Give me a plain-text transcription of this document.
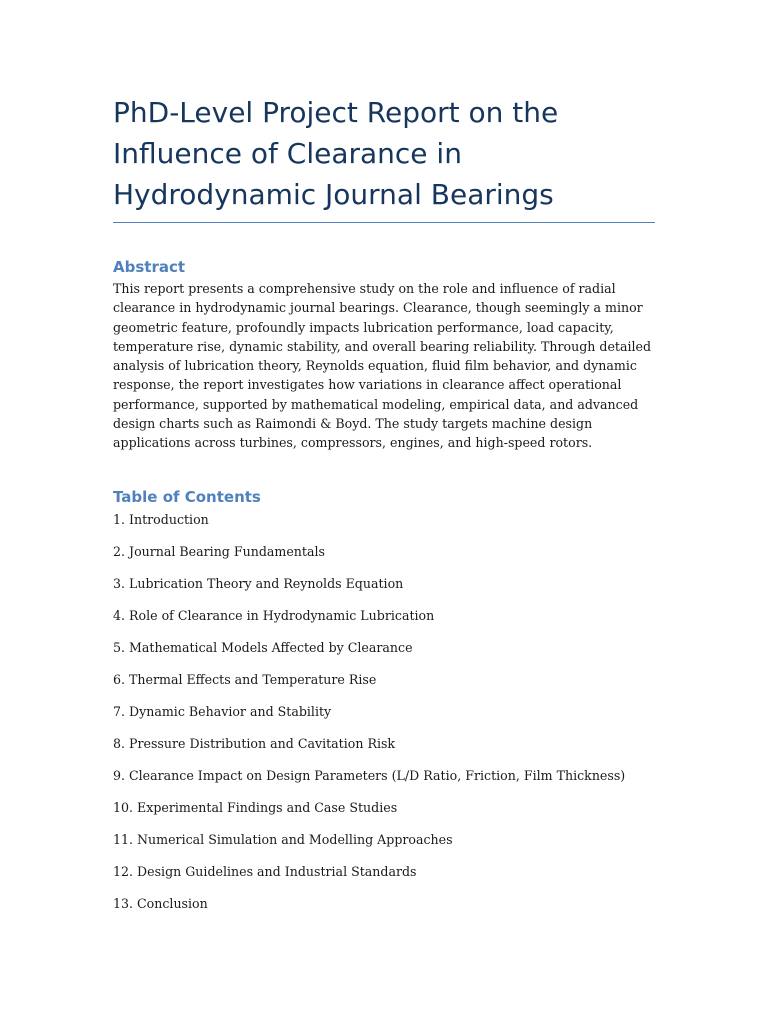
PhD-Level Project Report on the Influence of Clearance in Hydrodynamic Journal Bearings
Abstract

This report presents a comprehensive study on the role and influence of radial clearance in hydrodynamic journal bearings. Clearance, though seemingly a minor geometric feature, profoundly impacts lubrication performance, load capacity, temperature rise, dynamic stability, and overall bearing reliability. Through detailed analysis of lubrication theory, Reynolds equation, fluid film behavior, and dynamic response, the report investigates how variations in clearance affect operational performance, supported by mathematical modeling, empirical data, and advanced design charts such as Raimondi & Boyd. The study targets machine design applications across turbines, compressors, engines, and high-speed rotors.

Table of Contents
1. Introduction
2. Journal Bearing Fundamentals
3. Lubrication Theory and Reynolds Equation
4. Role of Clearance in Hydrodynamic Lubrication
5. Mathematical Models Affected by Clearance
6. Thermal Effects and Temperature Rise
7. Dynamic Behavior and Stability
8. Pressure Distribution and Cavitation Risk
9. Clearance Impact on Design Parameters (L/D Ratio, Friction, Film Thickness)
10. Experimental Findings and Case Studies
11. Numerical Simulation and Modelling Approaches
12. Design Guidelines and Industrial Standards
13. Conclusion
